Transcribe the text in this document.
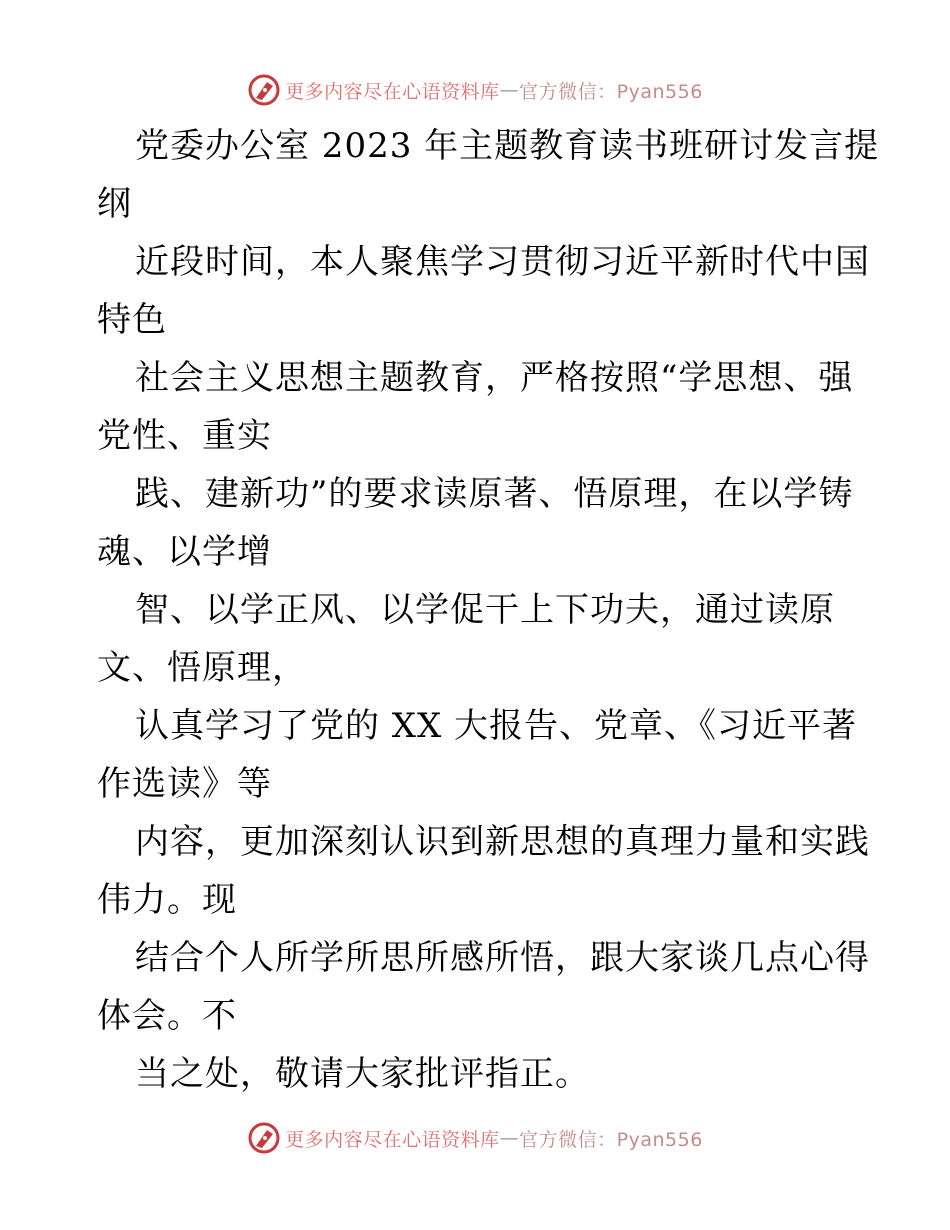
更多内容尽在心语资料库 — 官方微信：Pyan556
党委办公室 2023 年主题教育读书班研讨发言提
纲
近段时间，本人聚焦学习贯彻习近平新时代中国
特色
社会主义思想主题教育，严格按照“学思想、强
党性、重实
践、建新功”的要求读原著、悟原理，在以学铸
魂、以学增
智、以学正风、以学促干上下功夫，通过读原
文、悟原理，
认真学习了党的 XX 大报告、党章、《习近平著
作选读》等
内容，更加深刻认识到新思想的真理力量和实践
伟力。现
结合个人所学所思所感所悟，跟大家谈几点心得
体会。不
当之处，敬请大家批评指正。
更多内容尽在心语资料库 — 官方微信：Pyan556
